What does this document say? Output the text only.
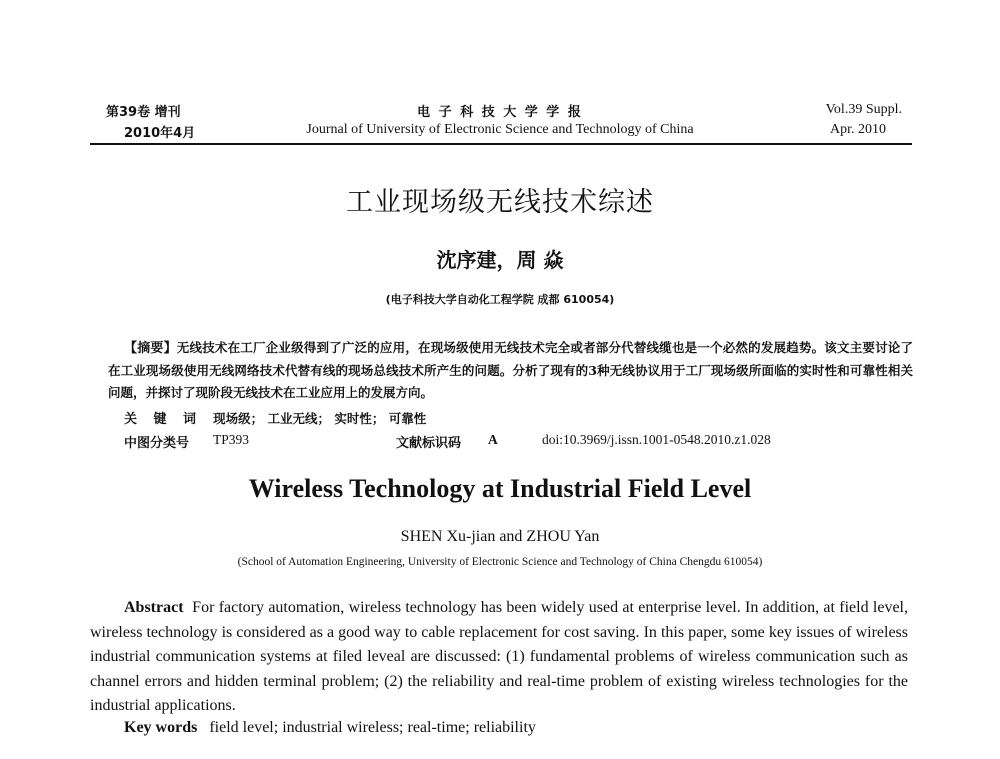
第39卷 增刊
2010年4月
电 子 科 技 大 学 学 报
Journal of University of Electronic Science and Technology of China
Vol.39 Suppl.
Apr. 2010
工业现场级无线技术综述
沈序建，周 焱
(电子科技大学自动化工程学院 成都 610054)
【摘要】无线技术在工厂企业级得到了广泛的应用，在现场级使用无线技术完全或者部分代替线缆也是一个必然的发展趋势。该文主要讨论了在工业现场级使用无线网络技术代替有线的现场总线技术所产生的问题。分析了现有的3种无线协议用于工厂现场级所面临的实时性和可靠性相关问题，并探讨了现阶段无线技术在工业应用上的发展方向。
关 键 词 现场级； 工业无线； 实时性； 可靠性
中图分类号 TP393	文献标识码 A	doi:10.3969/j.issn.1001-0548.2010.z1.028
Wireless Technology at Industrial Field Level
SHEN Xu-jian and ZHOU Yan
(School of Automation Engineering, University of Electronic Science and Technology of China Chengdu 610054)
Abstract For factory automation, wireless technology has been widely used at enterprise level. In addition, at field level, wireless technology is considered as a good way to cable replacement for cost saving. In this paper, some key issues of wireless industrial communication systems at filed leveal are discussed: (1) fundamental problems of wireless communication such as channel errors and hidden terminal problem; (2) the reliability and real-time problem of existing wireless technologies for the industrial applications.
Key words field level; industrial wireless; real-time; reliability
